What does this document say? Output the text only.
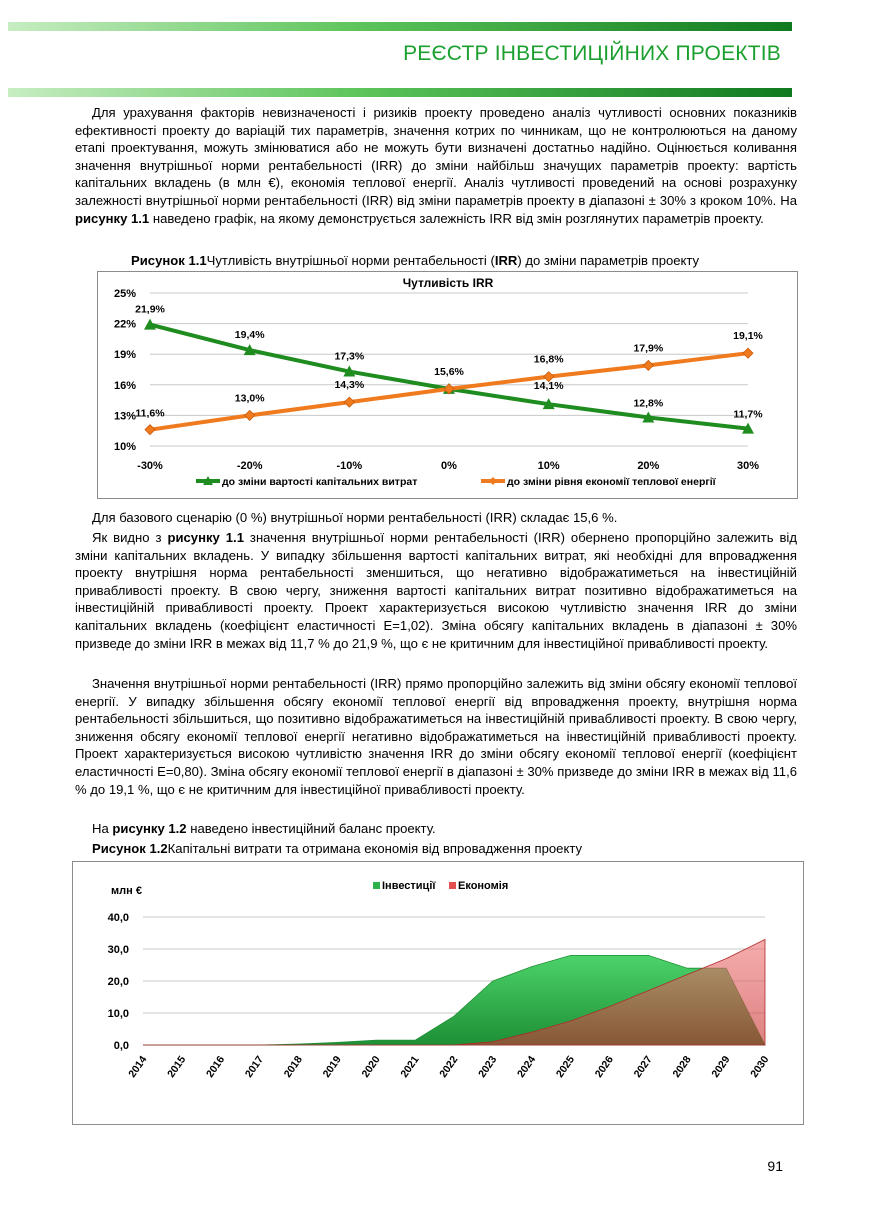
РЕЄСТР ІНВЕСТИЦІЙНИХ ПРОЕКТІВ

Для урахування факторів невизначеності і ризиків проекту проведено аналіз чутливості основних показників ефективності проекту до варіацій тих параметрів, значення котрих по чинникам, що не контролюються на даному етапі проектування, можуть змінюватися або не можуть бути визначені достатньо надійно. Оцінюється коливання значення внутрішньої норми рентабельності (IRR) до зміни найбільш значущих параметрів проекту: вартість капітальних вкладень (в млн €), економія теплової енергії. Аналіз чутливості проведений на основі розрахунку залежності внутрішньої норми рентабельності (IRR) від зміни параметрів проекту в діапазоні ± 30% з кроком 10%. На рисунку 1.1 наведено графік, на якому демонструється залежність IRR від змін розглянутих параметрів проекту.

Рисунок 1.1Чутливість внутрішньої норми рентабельності (IRR) до зміни параметрів проекту

Чутливість IRR
10%
13%
16%
19%
22%
25%
-30%	-20%	-10%	0%	10%	20%	30%
21,9%
19,4%
17,3%
15,6%
14,1%
12,8%
11,7%
11,6%
13,0%
14,3%
16,8%
17,9%
19,1%
до зміни вартості капітальних витрат	до зміни рівня економії теплової енергії

Для базового сценарію (0 %) внутрішньої норми рентабельності (IRR) складає 15,6 %.

Як видно з рисунку 1.1 значення внутрішньої норми рентабельності (IRR) обернено пропорційно залежить від зміни капітальних вкладень. У випадку збільшення вартості капітальних витрат, які необхідні для впровадження проекту внутрішня норма рентабельності зменшиться, що негативно відображатиметься на інвестиційній привабливості проекту. В свою чергу, зниження вартості капітальних витрат позитивно відображатиметься на інвестиційній привабливості проекту. Проект характеризується високою чутливістю значення IRR до зміни капітальних вкладень (коефіцієнт еластичності Е=1,02). Зміна обсягу капітальних вкладень в діапазоні ± 30% призведе до зміни IRR в межах від 11,7 % до 21,9 %, що є не критичним для інвестиційної привабливості проекту.

Значення внутрішньої норми рентабельності (IRR) прямо пропорційно залежить від зміни обсягу економії теплової енергії. У випадку збільшення обсягу економії теплової енергії від впровадження проекту, внутрішня норма рентабельності збільшиться, що позитивно відображатиметься на інвестиційній привабливості проекту. В свою чергу, зниження обсягу економії теплової енергії негативно відображатиметься на інвестиційній привабливості проекту. Проект характеризується високою чутливістю значення IRR до зміни обсягу економії теплової енергії (коефіцієнт еластичності Е=0,80). Зміна обсягу економії теплової енергії в діапазоні ± 30% призведе до зміни IRR в межах від 11,6 % до 19,1 %, що є не критичним для інвестиційної привабливості проекту.

На рисунку 1.2 наведено інвестиційний баланс проекту.

Рисунок 1.2Капітальні витрати та отримана економія від впровадження проекту

млн €	Інвестиції Економія
0,0
10,0
20,0
30,0
40,0
2014 2015 2016 2017 2018 2019 2020 2021 2022 2023 2024 2025 2026 2027 2028 2029 2030
91
